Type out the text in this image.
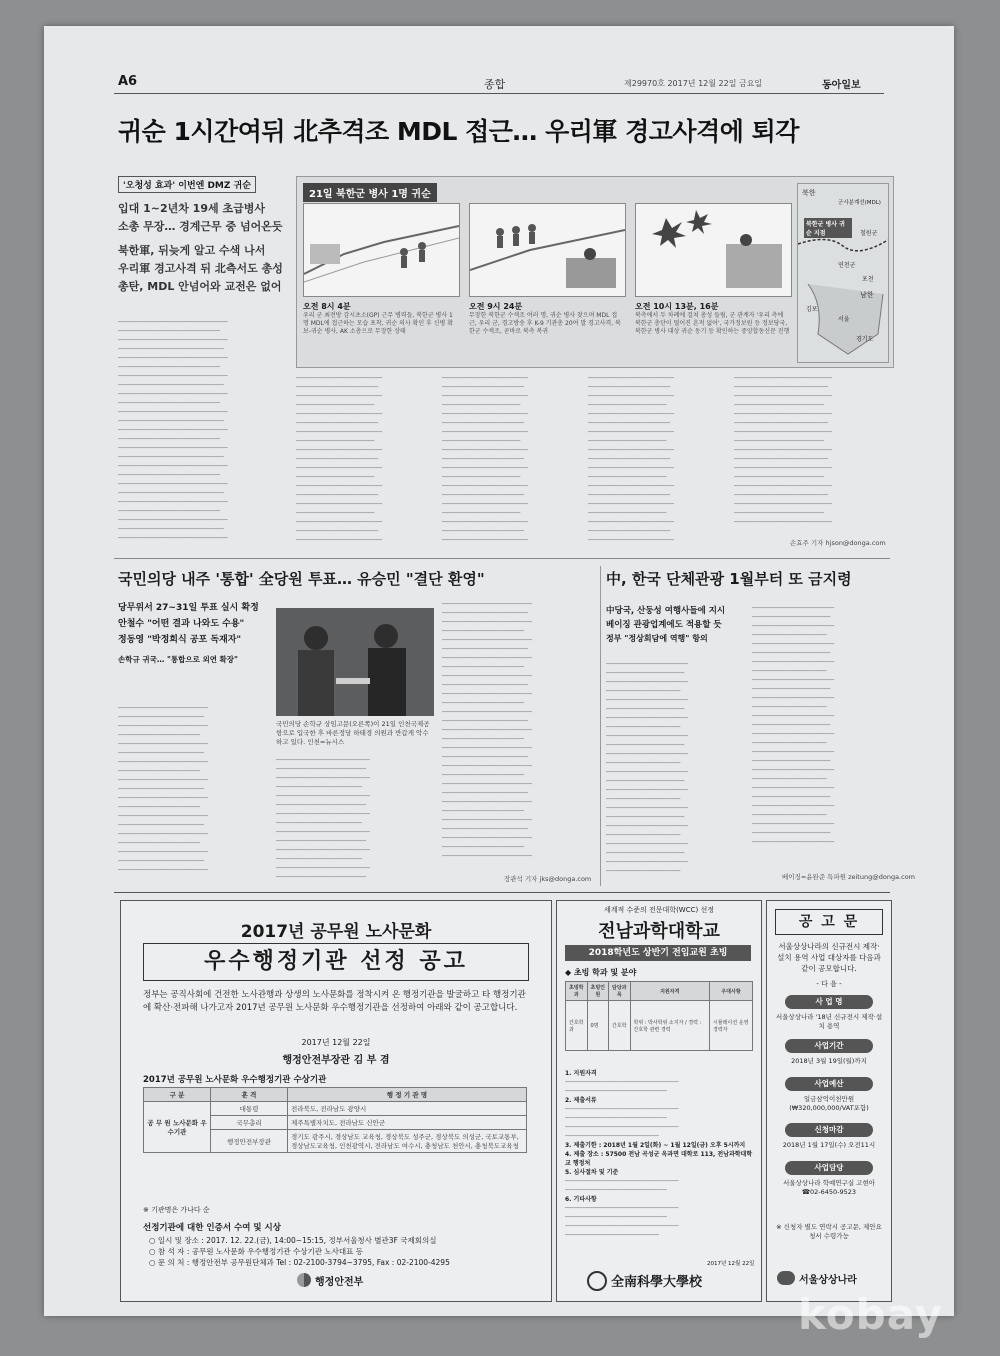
A6	종합	제29970호 2017년 12월 22일 금요일	동아일보
귀순 1시간여뒤 北추격조 MDL 접근… 우리軍 경고사격에 퇴각
'오청성 효과' 이번엔 DMZ 귀순
입대 1~2년차 19세 초급병사
소총 무장… 경계근무 중 넘어온듯
북한軍, 뒤늦게 알고 수색 나서
우리軍 경고사격 뒤 北측서도 총성
총탄, MDL 안넘어와 교전은 없어
21일 북한군 병사 1명 귀순
오전 8시 4분
우리 군 최전방 감시초소(GP) 근무 병력들, 북한군 병사 1명 MDL에 접근하는 모습 포착, 귀순 의사 확인 후 신병 확보-귀순 병사, AK 소총으로 무장한 상태
오전 9시 24분
무장한 북한군 수색조 여러 명, 귀순 병사 찾으며 MDL 접근, 우리 군, 경고방송 후 K-9 기관총 20여 발 경고사격, 북한군 수색조, 곧바로 북측 복귀
오전 10시 13분, 16분
북측에서 두 차례에 걸쳐 총성 들림, 군 관계자 '우리 측에 북한군 총탄이 떨어진 흔적 없어', 국가정보원 등 정보당국, 북한군 병사 대상 귀순 동기 등 확인하는 중앙합동신문 진행
북한
군사분계선(MDL)
북한군 병사 귀순 지점	철원군
연천군
포천
남한
서울
경기도
김포
────────────────────────────
──────────────────────────
────────────────────────────
───────────────────────────
────────────────────────────
──────────────────────────
────────────────────────────
───────────────────────────
────────────────────────────
──────────────────────────
────────────────────────────
───────────────────────────
────────────────────────────
──────────────────────────
────────────────────────────
───────────────────────────
────────────────────────────
──────────────────────────
────────────────────────────
───────────────────────────
────────────────────────────
──────────────────────────
────────────────────────────
───────────────────────────
────────────────────────────
──────────────────────
─────────────────────
──────────────────────
────────────────────
──────────────────────
─────────────────────
──────────────────────
────────────────────
──────────────────────
─────────────────────
──────────────────────
────────────────────
──────────────────────
─────────────────────
──────────────────────
────────────────────
──────────────────────
─────────────────────
──────────────────────
──────────────────────
─────────────────────
──────────────────────
────────────────────
──────────────────────
─────────────────────
──────────────────────
────────────────────
──────────────────────
─────────────────────
──────────────────────
────────────────────
──────────────────────
─────────────────────
──────────────────────
────────────────────
──────────────────────
─────────────────────
──────────────────────
──────────────────────
─────────────────────
──────────────────────
────────────────────
──────────────────────
─────────────────────
──────────────────────
────────────────────
──────────────────────
─────────────────────
──────────────────────
────────────────────
──────────────────────
─────────────────────
──────────────────────
────────────────────
──────────────────────
─────────────────────
──────────────────────
─────────────────────────
────────────────────────
─────────────────────────
───────────────────────
─────────────────────────
────────────────────────
─────────────────────────
───────────────────────
─────────────────────────
────────────────────────
─────────────────────────
───────────────────────
─────────────────────────
────────────────────────
─────────────────────────
───────────────────────
─────────────────────────
손효주 기자 hjson@donga.com
국민의당 내주 '통합' 全당원 투표… 유승민 "결단 환영"
당무위서 27~31일 투표 실시 확정
안철수 "어떤 결과 나와도 수용"
정동영 "박정희식 공포 독재자"
손학규 귀국… "통합으로 외연 확장"
국민의당 손학규 상임고문(오른쪽)이 21일 인천국제공항으로 입국한 후 바른정당 하태경 의원과 반갑게 악수하고 있다. 인천=뉴시스
───────────────────────
──────────────────────
───────────────────────
─────────────────────
───────────────────────
──────────────────────
───────────────────────
─────────────────────
───────────────────────
──────────────────────
───────────────────────
─────────────────────
───────────────────────
──────────────────────
───────────────────────
─────────────────────
───────────────────────
──────────────────────
───────────────────────
────────────────────────
───────────────────────
────────────────────────
──────────────────────
────────────────────────
───────────────────────
────────────────────────
──────────────────────
────────────────────────
───────────────────────
────────────────────────
──────────────────────
────────────────────────
───────────────────────
───────────────────────
──────────────────────
───────────────────────
─────────────────────
───────────────────────
──────────────────────
───────────────────────
─────────────────────
───────────────────────
──────────────────────
───────────────────────
─────────────────────
───────────────────────
──────────────────────
───────────────────────
─────────────────────
───────────────────────
──────────────────────
───────────────────────
─────────────────────
───────────────────────
──────────────────────
───────────────────────
─────────────────────
───────────────────────
──────────────────────
───────────────────────
─────────────────────
───────────────────────
장관석 기자 jks@donga.com
中, 한국 단체관광 1월부터 또 금지령
中당국, 산둥성 여행사들에 지시
베이징 관광업계에도 적용할 듯
정부 "정상회담에 역행" 항의
─────────────────────
────────────────────
─────────────────────
───────────────────
─────────────────────
────────────────────
─────────────────────
───────────────────
─────────────────────
────────────────────
─────────────────────
───────────────────
─────────────────────
────────────────────
─────────────────────
───────────────────
─────────────────────
────────────────────
─────────────────────
───────────────────
─────────────────────
────────────────────
─────────────────────
───────────────────
─────────────────────
────────────────────
─────────────────────
───────────────────
─────────────────────
────────────────────
─────────────────────
───────────────────
─────────────────────
────────────────────
─────────────────────
───────────────────
─────────────────────
────────────────────
─────────────────────
───────────────────
─────────────────────
────────────────────
─────────────────────
───────────────────
─────────────────────
────────────────────
─────────────────────
───────────────────
─────────────────────
────────────────────
─────────────────────
베이징=윤완준 특파원 zeitung@donga.com
2017년 공무원 노사문화
우수행정기관 선정 공고
정부는 공직사회에 건전한 노사관행과 상생의 노사문화를 정착시켜 온 행정기관을 발굴하고 타 행정기관에 확산·전파해 나가고자 2017년 공무원 노사문화 우수행정기관을 선정하여 아래와 같이 공고합니다.
2017년 12월 22일
행정안전부장관 김 부 겸
2017년 공무원 노사문화 우수행정기관 수상기관
구 분	훈 격	행 정 기 관 명
공 무 원 노사문화 우수기관	대통령	전라북도, 전라남도 광양시
	국무총리	제주특별자치도, 전라남도 신안군
	행정안전부장관	경기도 광주시, 경상남도 교육청, 경상북도 성주군, 경상북도 의성군, 국토교통부, 경상남도교육청, 인천광역시, 전라남도 여수시, 충청남도 천안시, 충청북도교육청
※ 기관명은 가나다 순
선정기관에 대한 인증서 수여 및 시상
○ 일시 및 장소 : 2017. 12. 22.(금), 14:00~15:15, 정부서울청사 별관3F 국제회의실
○ 참 석 자 : 공무원 노사문화 우수행정기관 수상기관 노사대표 등
○ 문 의 처 : 행정안전부 공무원단체과 Tel : 02-2100-3794~3795, Fax : 02-2100-4295
행정안전부
세계적 수준의 전문대학(WCC) 선정
전남과학대학교
2018학년도 상반기 전임교원 초빙
◆ 초빙 학과 및 분야
초빙학과	초빙인원	담당과목	지원자격	우대사항
간호학과	0명	간호학	학위 : 박사학위 소지자 / 경력 : 간호학 관련 경력	시뮬레이션 운영 경력자
1. 지원자격
─────────────────────────────
──────────────────────────
2. 제출서류
─────────────────────────────
──────────────────────────
─────────────────────────────
────────────────────────
3. 제출기한 : 2018년 1월 2일(화) ~ 1월 12일(금) 오후 5시까지
4. 제출 장소 : 57500 전남 곡성군 옥과면 대학로 113, 전남과학대학교 행정처
5. 심사절차 및 기준
─────────────────────────────
──────────────────────────
6. 기타사항
─────────────────────────────
──────────────────────────
─────────────────────────────
────────────────────────
2017년 12월 22일
全南科學大學校
공 고 문
서울상상나라의 신규전시 제작·설치 용역 사업 대상자를 다음과 같이 공모합니다.
- 다 음 -
사 업 명
서울상상나라 '18년 신규전시 제작·설치 용역
사업기간
2018년 3월 19일(월)까지
사업예산
일금삼억이천만원 (₩320,000,000/VAT포함)
신청마감
2018년 1월 17일(수) 오전11시
사업담당
서울상상나라 학예연구실 고현아 ☎02-6450-9523
※ 신청자 별도 연락시 공고문, 제안요청서 수령가능
서울상상나라
kobay
